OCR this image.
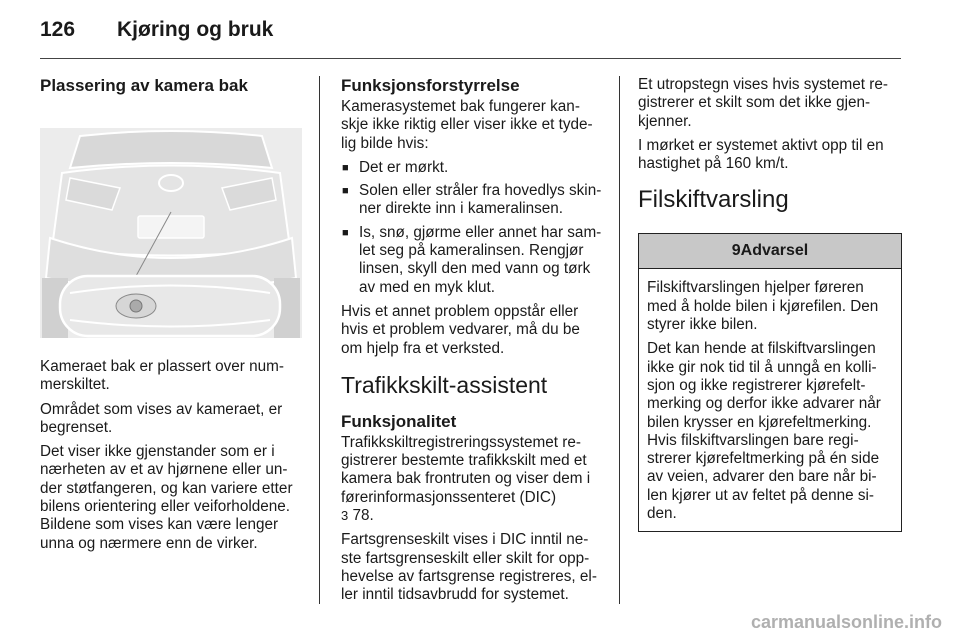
126 Kjøring og bruk
Plassering av kamera bak

Kameraet bak er plassert over num-merskiltet.

Området som vises av kameraet, er begrenset.

Det viser ikke gjenstander som er i nærheten av et av hjørnene eller un-der støtfangeren, og kan variere etter bilens orientering eller veiforholdene. Bildene som vises kan være lenger unna og nærmere enn de virker.

Funksjonsforstyrrelse

Kamerasystemet bak fungerer kan-skje ikke riktig eller viser ikke et tyde-lig bilde hvis:

■ Det er mørkt.
■ Solen eller stråler fra hovedlys skin-ner direkte inn i kameralinsen.
■ Is, snø, gjørme eller annet har sam-let seg på kameralinsen. Rengjør linsen, skyll den med vann og tørk av med en myk klut.

Hvis et annet problem oppstår eller hvis et problem vedvarer, må du be om hjelp fra et verksted.

Trafikkskilt-assistent
Funksjonalitet

Trafikkskiltregistreringssystemet re-gistrerer bestemte trafikkskilt med et kamera bak frontruten og viser dem i førerinformasjonssenteret (DIC)
3 78.

Fartsgrenseskilt vises i DIC inntil ne-ste fartsgrenseskilt eller skilt for opp-hevelse av fartsgrense registreres, el-ler inntil tidsavbrudd for systemet.

Et utropstegn vises hvis systemet re-gistrerer et skilt som det ikke gjen-kjenner.

I mørket er systemet aktivt opp til en hastighet på 160 km/t.

Filskiftvarsling
9Advarsel

Filskiftvarslingen hjelper føreren med å holde bilen i kjørefilen. Den styrer ikke bilen.

Det kan hende at filskiftvarslingen ikke gir nok tid til å unngå en kolli-sjon og ikke registrerer kjørefelt-merking og derfor ikke advarer når bilen krysser en kjørefeltmerking. Hvis filskiftvarslingen bare regi-strerer kjørefeltmerking på én side av veien, advarer den bare når bi-len kjører ut av feltet på denne si-den.

carmanualsonline.info
